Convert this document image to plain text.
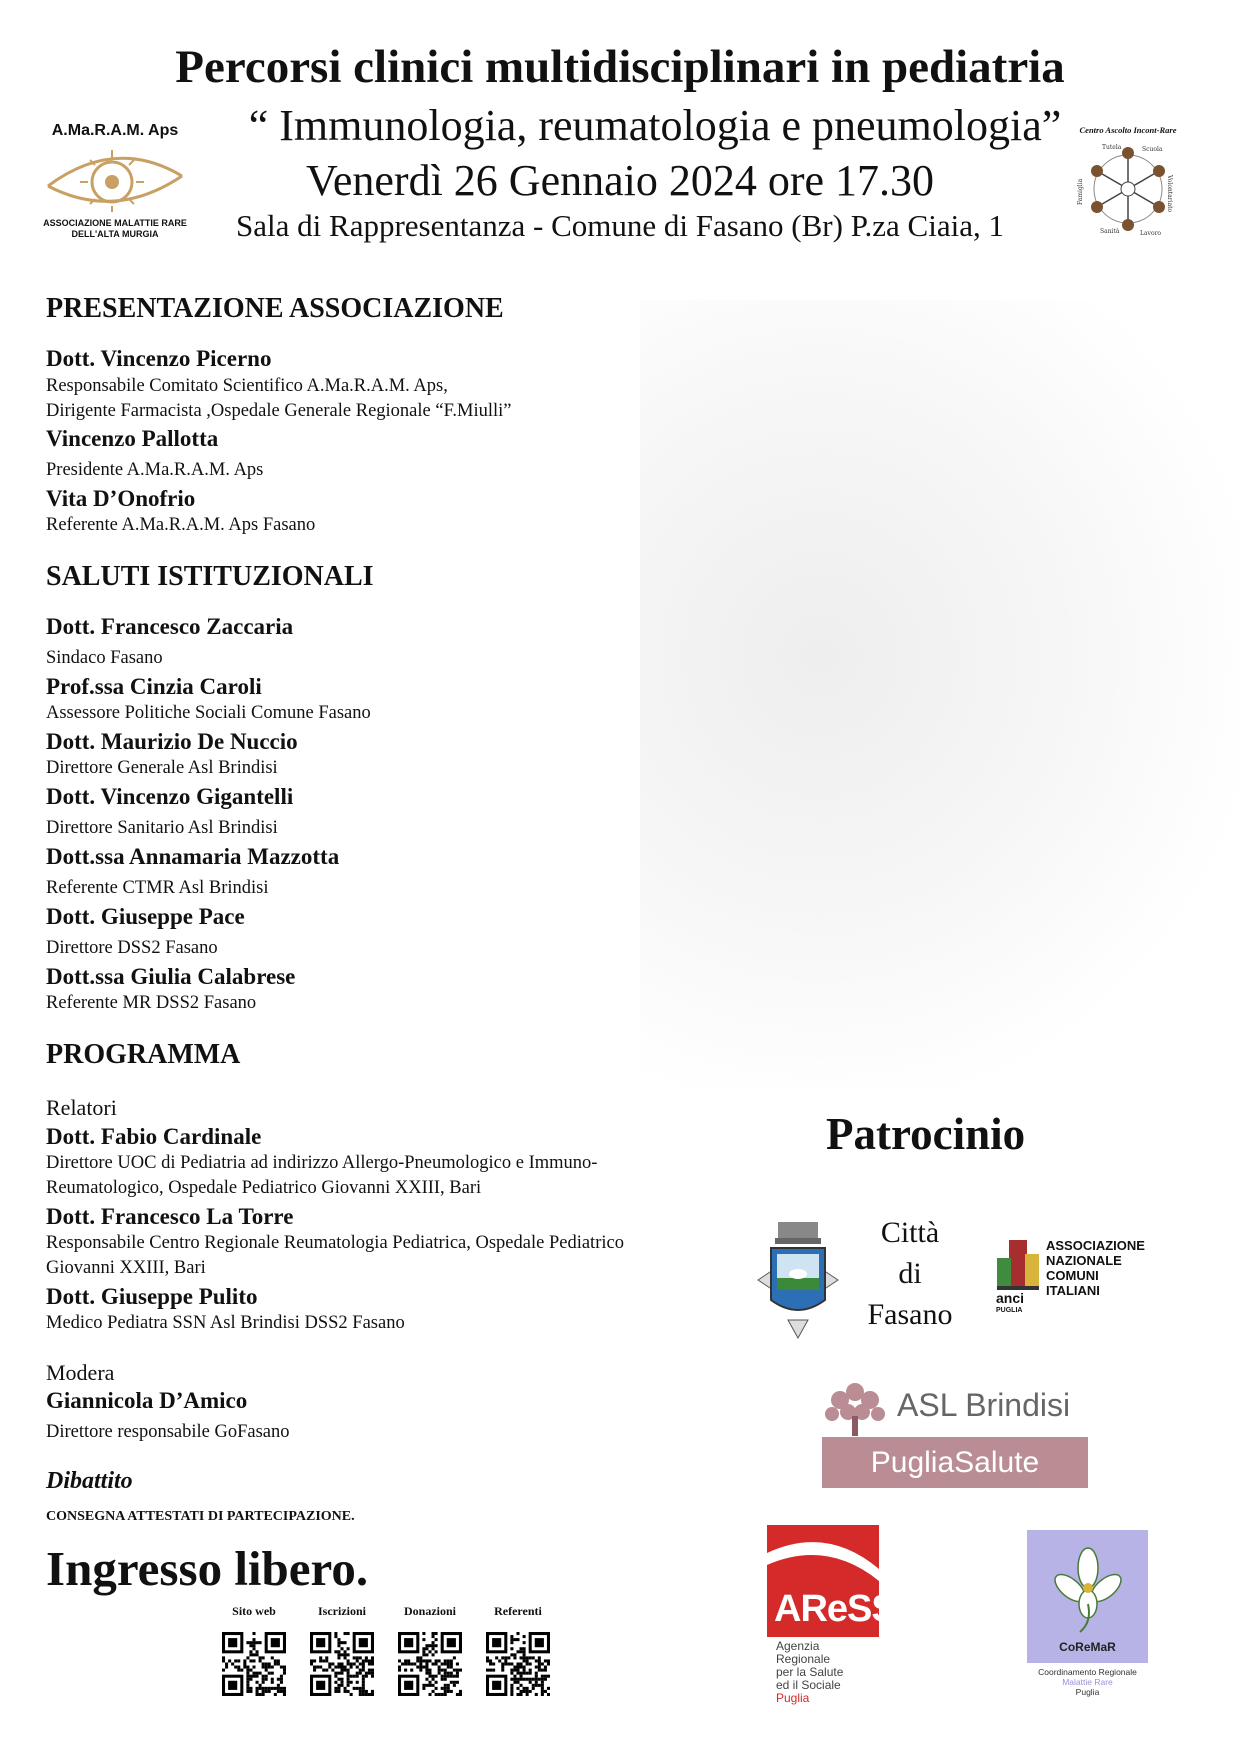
Percorsi clinici multidisciplinari in pediatria
“ Immunologia, reumatologia e pneumologia”
Venerdì 26 Gennaio 2024 ore 17.30
Sala di Rappresentanza - Comune di Fasano (Br) P.za Ciaia, 1
A.Ma.R.A.M. Aps
ASSOCIAZIONE MALATTIE RARE
DELL'ALTA MURGIA
Centro Ascolto Incont-Rare
Tutela	Scuola
Volontariato
Lavoro
Sanità
Famiglia
PRESENTAZIONE ASSOCIAZIONE
Dott. Vincenzo Picerno
Responsabile Comitato Scientifico A.Ma.R.A.M. Aps,
Dirigente Farmacista ,Ospedale Generale Regionale “F.Miulli”
Vincenzo Pallotta
Presidente A.Ma.R.A.M. Aps
Vita D’Onofrio
Referente A.Ma.R.A.M. Aps Fasano
SALUTI ISTITUZIONALI
Dott. Francesco Zaccaria
Sindaco Fasano
Prof.ssa Cinzia Caroli
Assessore Politiche Sociali Comune Fasano
Dott. Maurizio De Nuccio
Direttore Generale Asl Brindisi
Dott. Vincenzo Gigantelli
Direttore Sanitario Asl Brindisi
Dott.ssa Annamaria Mazzotta
Referente CTMR Asl Brindisi
Dott. Giuseppe Pace
Direttore DSS2 Fasano
Dott.ssa Giulia Calabrese
Referente MR DSS2 Fasano
PROGRAMMA
Relatori
Dott. Fabio Cardinale
Direttore UOC di Pediatria ad indirizzo Allergo-Pneumologico e Immuno-
Reumatologico, Ospedale Pediatrico Giovanni XXIII, Bari
Dott. Francesco La Torre
Responsabile Centro Regionale Reumatologia Pediatrica, Ospedale Pediatrico
Giovanni XXIII, Bari
Dott. Giuseppe Pulito
Medico Pediatra SSN Asl Brindisi DSS2 Fasano
Modera
Giannicola D’Amico
Direttore responsabile GoFasano
Dibattito
CONSEGNA ATTESTATI DI PARTECIPAZIONE.
Ingresso libero.
Sito web	Iscrizioni	Donazioni	Referenti
Patrocinio
Città
di
Fasano	anci
PUGLIA
ASSOCIAZIONE
NAZIONALE
COMUNI
ITALIANI
ASL Brindisi
PugliaSalute
AReSS
Agenzia
Regionale
per la Salute
ed il Sociale
Puglia
CoReMaR
Coordinamento Regionale
Malattie Rare
Puglia
